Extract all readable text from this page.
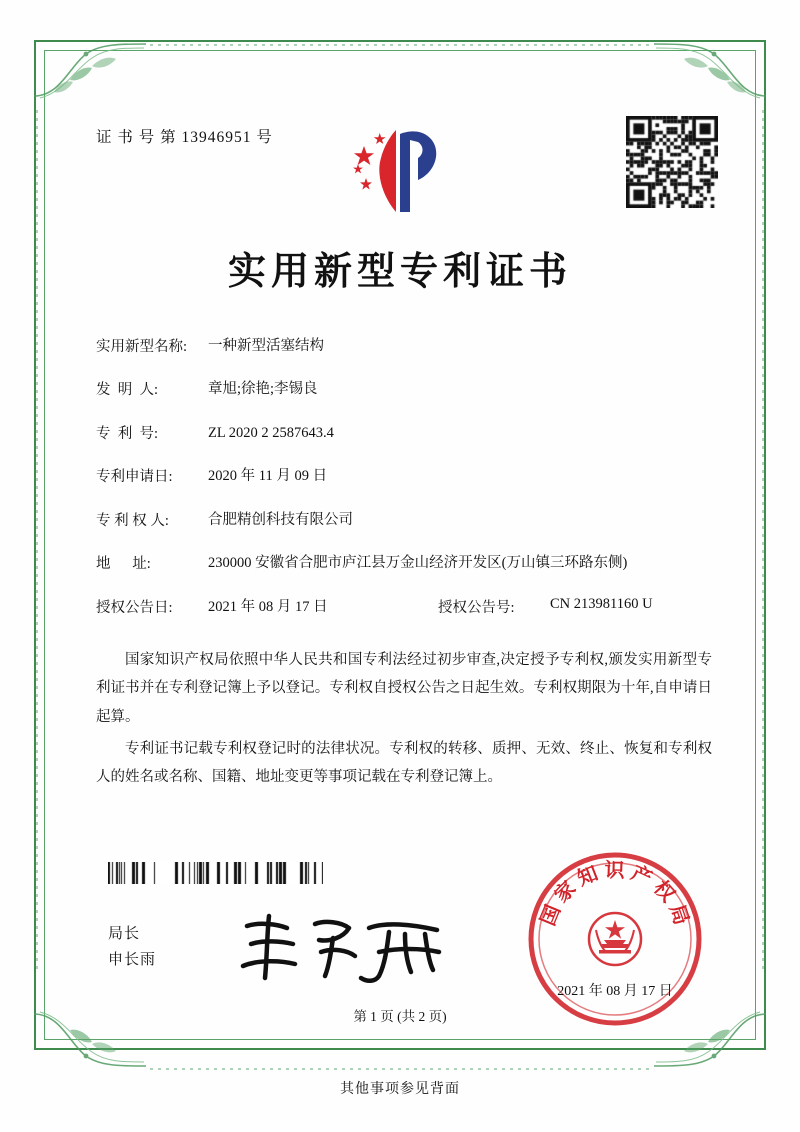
证 书 号 第 13946951 号
实用新型专利证书
实用新型名称:	一种新型活塞结构
发  明  人:	章旭;徐艳;李锡良
专  利  号:	ZL 2020 2 2587643.4
专利申请日:	2020 年 11 月 09 日
专 利 权 人:	合肥精创科技有限公司
地      址:	230000 安徽省合肥市庐江县万金山经济开发区(万山镇三环路东侧)
授权公告日:	2021 年 08 月 17 日	授权公告号:	CN 213981160 U

国家知识产权局依照中华人民共和国专利法经过初步审查,决定授予专利权,颁发实用新型专利证书并在专利登记簿上予以登记。专利权自授权公告之日起生效。专利权期限为十年,自申请日起算。

专利证书记载专利权登记时的法律状况。专利权的转移、质押、无效、终止、恢复和专利权人的姓名或名称、国籍、地址变更等事项记载在专利登记簿上。

局长
申长雨
国家知识产权局
2021 年 08 月 17 日
第 1 页 (共 2 页)
其他事项参见背面
